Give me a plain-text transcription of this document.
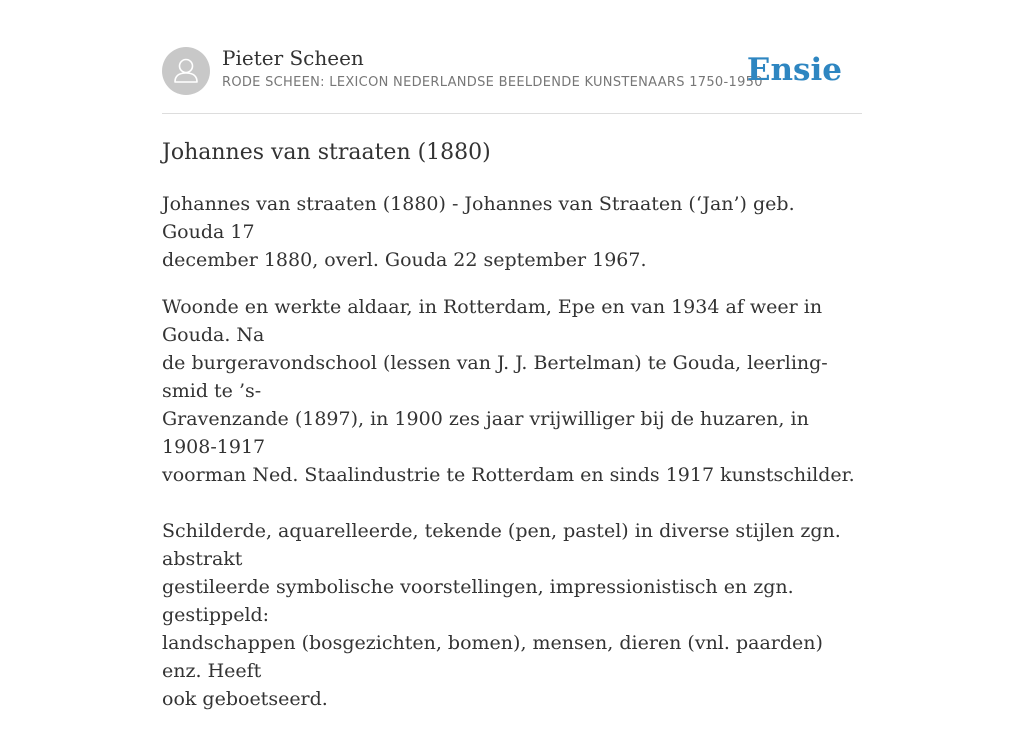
Pieter Scheen
RODE SCHEEN: LEXICON NEDERLANDSE BEELDENDE KUNSTENAARS 1750-1950
Ensie
Johannes van straaten (1880)

Johannes van straaten (1880) - Johannes van Straaten (‘Jan’) geb. Gouda 17
december 1880, overl. Gouda 22 september 1967.

Woonde en werkte aldaar, in Rotterdam, Epe en van 1934 af weer in Gouda. Na
de burgeravondschool (lessen van J. J. Bertelman) te Gouda, leerling-smid te ’s-
Gravenzande (1897), in 1900 zes jaar vrijwilliger bij de huzaren, in 1908-1917
voorman Ned. Staalindustrie te Rotterdam en sinds 1917 kunstschilder.

Schilderde, aquarelleerde, tekende (pen, pastel) in diverse stijlen zgn. abstrakt
gestileerde symbolische voorstellingen, impressionistisch en zgn. gestippeld:
landschappen (bosgezichten, bomen), mensen, dieren (vnl. paarden) enz. Heeft
ook geboetseerd.
